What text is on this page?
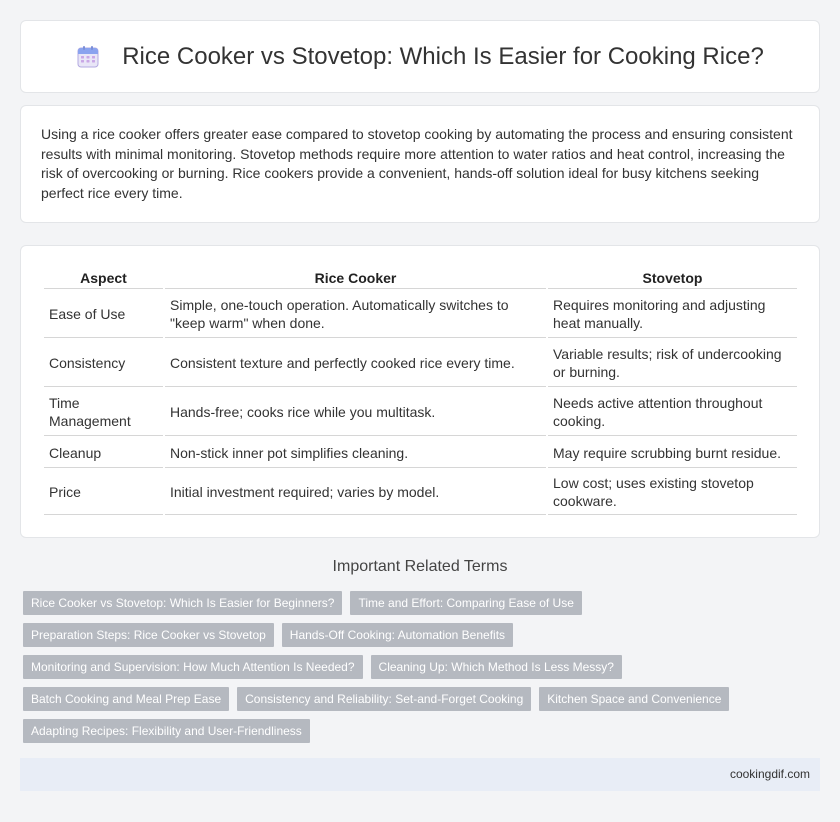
Rice Cooker vs Stovetop: Which Is Easier for Cooking Rice?

Using a rice cooker offers greater ease compared to stovetop cooking by automating the process and ensuring consistent results with minimal monitoring. Stovetop methods require more attention to water ratios and heat control, increasing the risk of overcooking or burning. Rice cookers provide a convenient, hands-off solution ideal for busy kitchens seeking perfect rice every time.

Aspect	Rice Cooker	Stovetop
Ease of Use	Simple, one-touch operation. Automatically switches to "keep warm" when done.	Requires monitoring and adjusting heat manually.
Consistency	Consistent texture and perfectly cooked rice every time.	Variable results; risk of undercooking or burning.
Time Management	Hands-free; cooks rice while you multitask.	Needs active attention throughout cooking.
Cleanup	Non-stick inner pot simplifies cleaning.	May require scrubbing burnt residue.
Price	Initial investment required; varies by model.	Low cost; uses existing stovetop cookware.
Important Related Terms
Rice Cooker vs Stovetop: Which Is Easier for Beginners?	Time and Effort: Comparing Ease of Use
Preparation Steps: Rice Cooker vs Stovetop	Hands-Off Cooking: Automation Benefits
Monitoring and Supervision: How Much Attention Is Needed?	Cleaning Up: Which Method Is Less Messy?
Batch Cooking and Meal Prep Ease	Consistency and Reliability: Set-and-Forget Cooking	Kitchen Space and Convenience
Adapting Recipes: Flexibility and User-Friendliness
cookingdif.com
